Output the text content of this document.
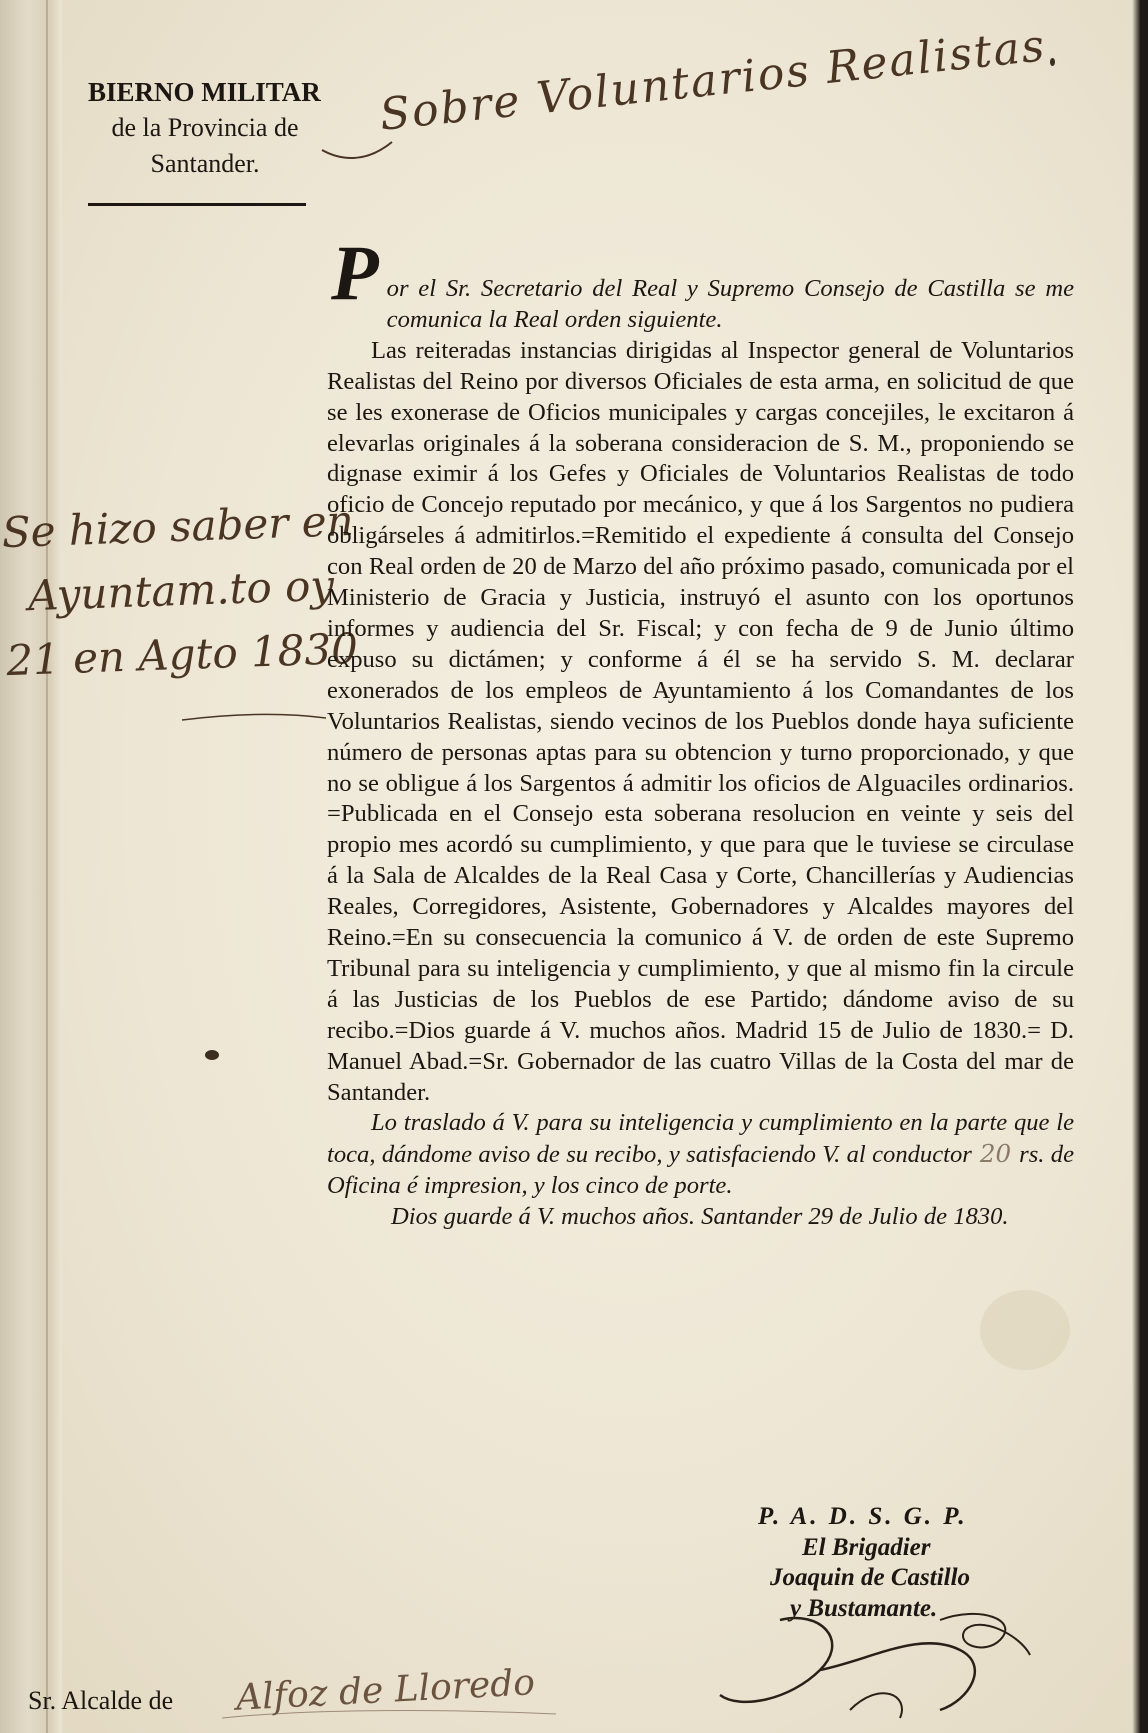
BIERNO MILITAR
de la Provincia de
Santander.
Sobre Voluntarios Realistas
Se hizo saber en
Ayuntam.to oy
21 en Agto 1830
P or el Sr. Secretario del Real y Supremo Consejo de Castilla se me comunica la Real orden siguiente.

Las reiteradas instancias dirigidas al Inspector general de Voluntarios Realistas del Reino por diversos Oficiales de esta arma, en solicitud de que se les exonerase de Oficios municipales y cargas concejiles, le excitaron á elevarlas originales á la soberana consideracion de S. M., proponiendo se dignase eximir á los Gefes y Oficiales de Voluntarios Realistas de todo oficio de Concejo reputado por mecánico, y que á los Sargentos no pudiera obligárseles á admitirlos.=Remitido el expediente á consulta del Consejo con Real orden de 20 de Marzo del año próximo pasado, comunicada por el Ministerio de Gracia y Justicia, instruyó el asunto con los oportunos informes y audiencia del Sr. Fiscal; y con fecha de 9 de Junio último expuso su dictámen; y conforme á él se ha servido S. M. declarar exonerados de los empleos de Ayuntamiento á los Comandantes de los Voluntarios Realistas, siendo vecinos de los Pueblos donde haya suficiente número de personas aptas para su obtencion y turno proporcionado, y que no se obligue á los Sargentos á admitir los oficios de Alguaciles ordinarios. =Publicada en el Consejo esta soberana resolucion en veinte y seis del propio mes acordó su cumplimiento, y que para que le tuviese se circulase á la Sala de Alcaldes de la Real Casa y Corte, Chancillerías y Audiencias Reales, Corregidores, Asistente, Gobernadores y Alcaldes mayores del Reino.=En su consecuencia la comunico á V. de orden de este Supremo Tribunal para su inteligencia y cumplimiento, y que al mismo fin la circule á las Justicias de los Pueblos de ese Partido; dándome aviso de su recibo.=Dios guarde á V. muchos años. Madrid 15 de Julio de 1830.= D. Manuel Abad.=Sr. Gobernador de las cuatro Villas de la Costa del mar de Santander.

Lo traslado á V. para su inteligencia y cumplimiento en la parte que le toca, dándome aviso de su recibo, y satisfaciendo V. al conductor 20 rs. de Oficina é impresion, y los cinco de porte.

Dios guarde á V. muchos años. Santander 29 de Julio de 1830.

P. A. D. S. G. P.
El Brigadier
Joaquin de Castillo
y Bustamante.
Sr. Alcalde de Alfoz de Lloredo
